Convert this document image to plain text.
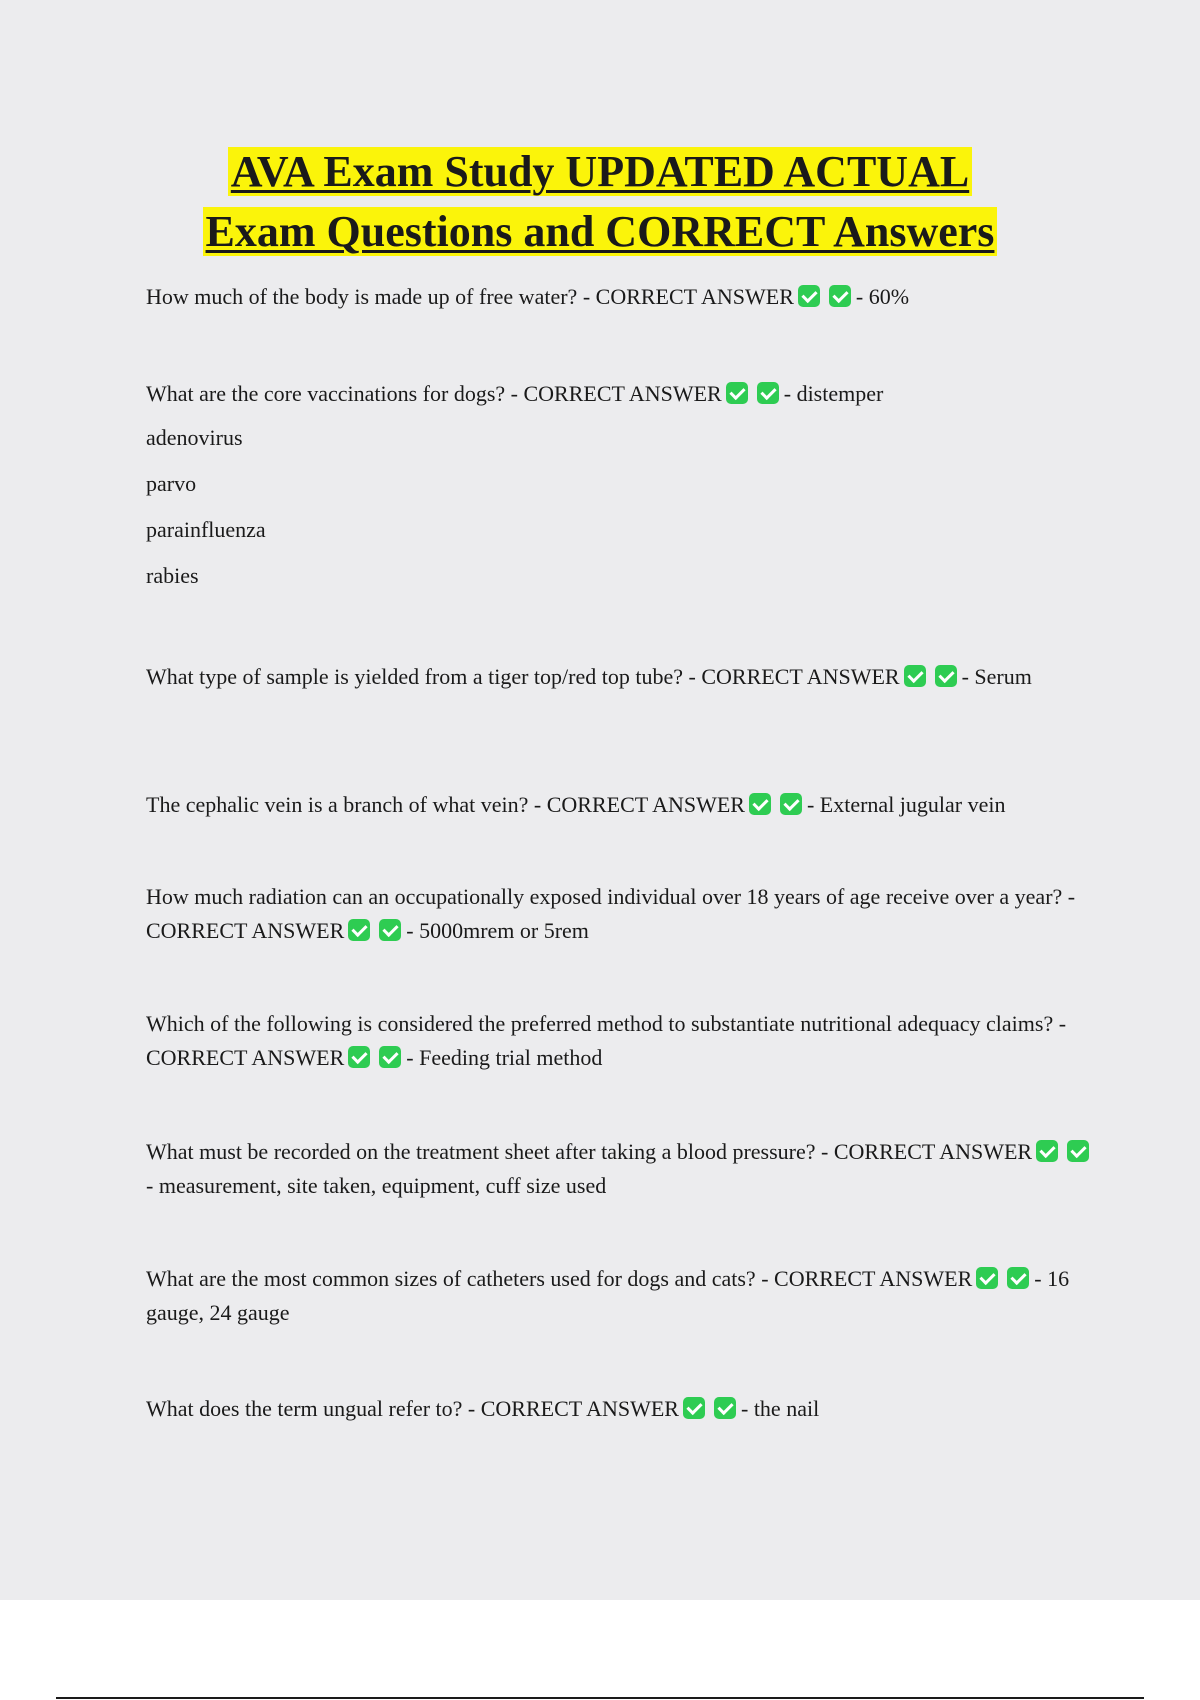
AVA Exam Study UPDATED ACTUAL
Exam Questions and CORRECT Answers

How much of the body is made up of free water? - CORRECT ANSWER	- 60%

What are the core vaccinations for dogs? - CORRECT ANSWER	- distemper

adenovirus
parvo
parainfluenza
rabies

What type of sample is yielded from a tiger top/red top tube? - CORRECT ANSWER	- Serum

The cephalic vein is a branch of what vein? - CORRECT ANSWER	- External jugular vein

How much radiation can an occupationally exposed individual over 18 years of age receive over a year? - CORRECT ANSWER	- 5000mrem or 5rem

Which of the following is considered the preferred method to substantiate nutritional adequacy claims? - CORRECT ANSWER	- Feeding trial method

What must be recorded on the treatment sheet after taking a blood pressure? - CORRECT ANSWER- measurement, site taken, equipment, cuff size used

What are the most common sizes of catheters used for dogs and cats? - CORRECT ANSWER	- 16 gauge, 24 gauge

What does the term ungual refer to? - CORRECT ANSWER	- the nail
